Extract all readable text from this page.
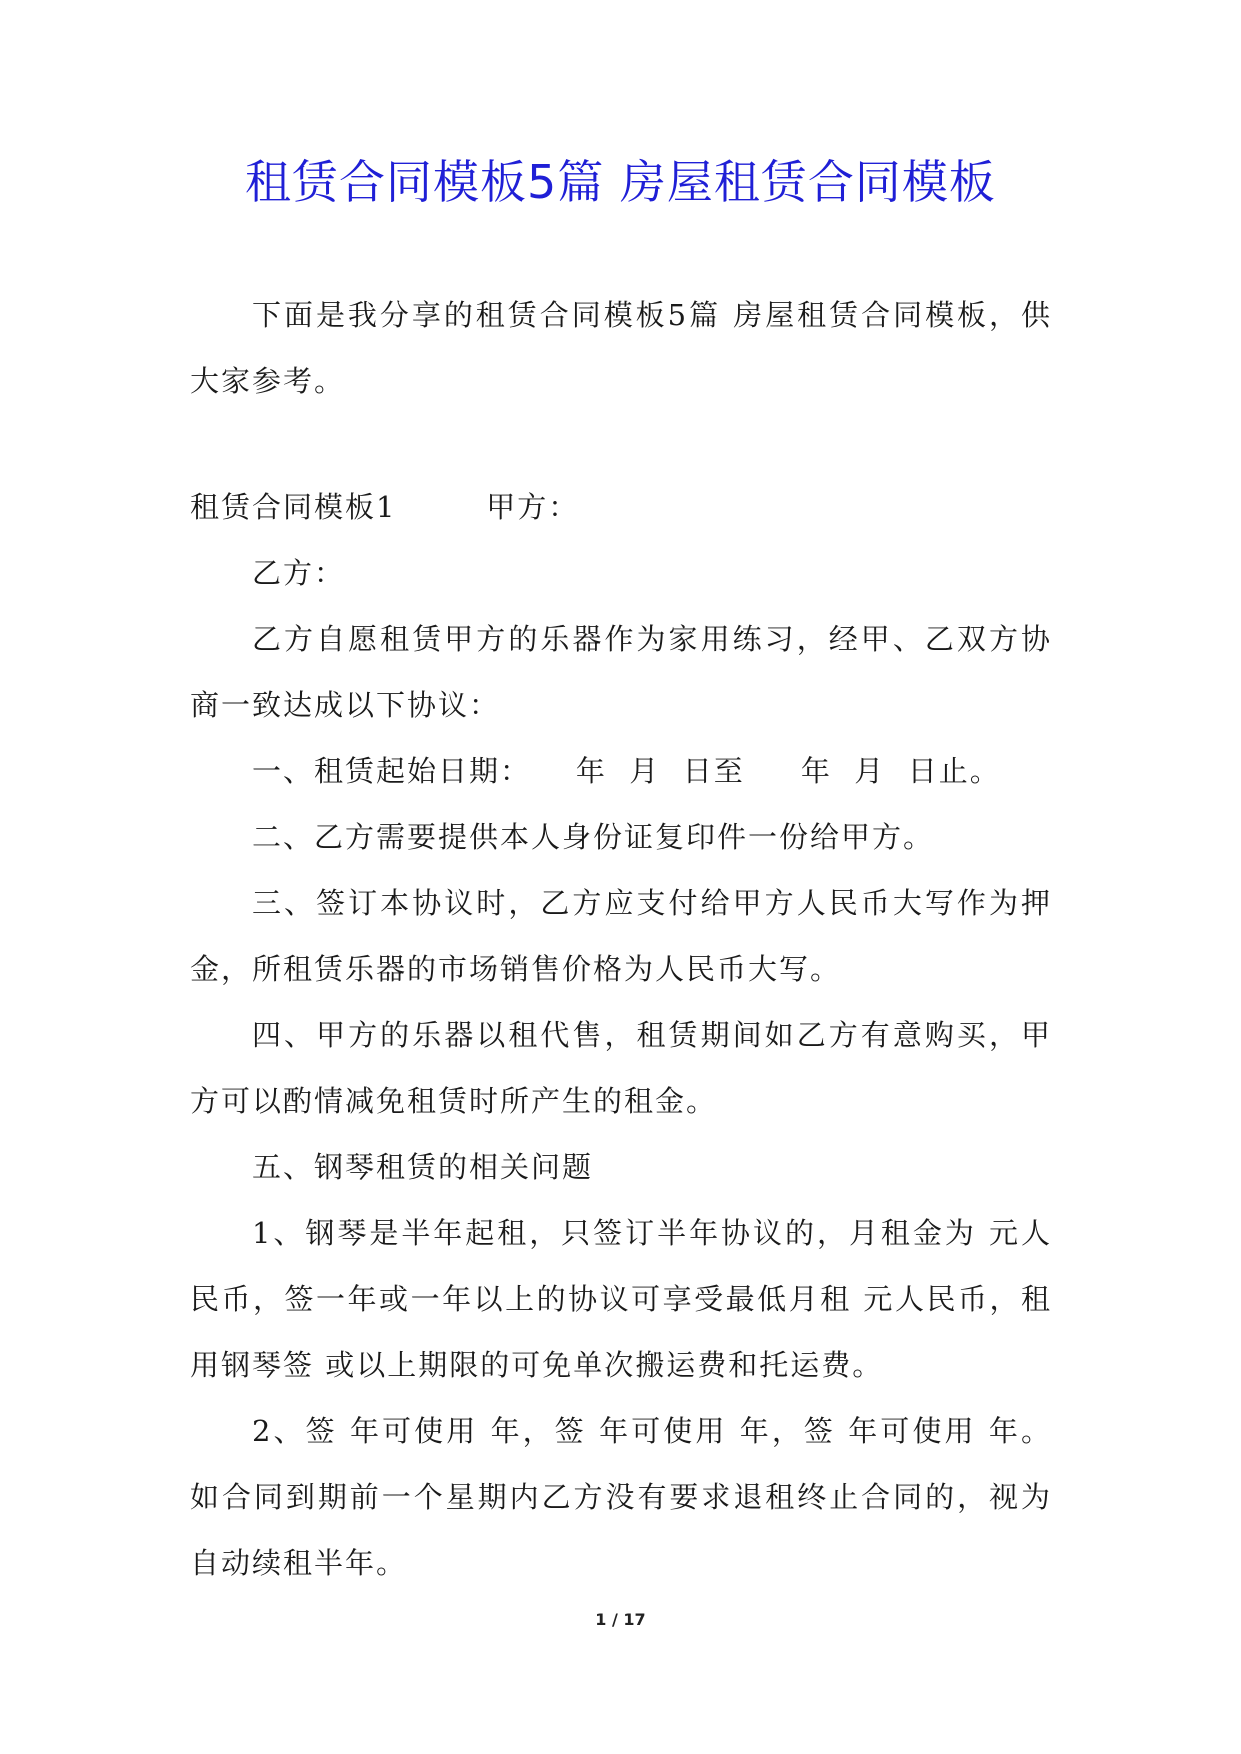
租赁合同模板5篇 房屋租赁合同模板

下面是我分享的租赁合同模板5篇 房屋租赁合同模板，供大家参考。

租赁合同模板1        甲方：

乙方：

乙方自愿租赁甲方的乐器作为家用练习，经甲、乙双方协商一致达成以下协议：

一、租赁起始日期：    年  月  日至     年  月  日止。

二、乙方需要提供本人身份证复印件一份给甲方。

三、签订本协议时，乙方应支付给甲方人民币大写作为押金，所租赁乐器的市场销售价格为人民币大写。

四、甲方的乐器以租代售，租赁期间如乙方有意购买，甲方可以酌情减免租赁时所产生的租金。

五、钢琴租赁的相关问题

1、钢琴是半年起租，只签订半年协议的，月租金为 元人民币，签一年或一年以上的协议可享受最低月租 元人民币，租用钢琴签 或以上期限的可免单次搬运费和托运费。

2、签 年可使用 年，签 年可使用 年，签 年可使用 年。如合同到期前一个星期内乙方没有要求退租终止合同的，视为自动续租半年。

1 / 17
